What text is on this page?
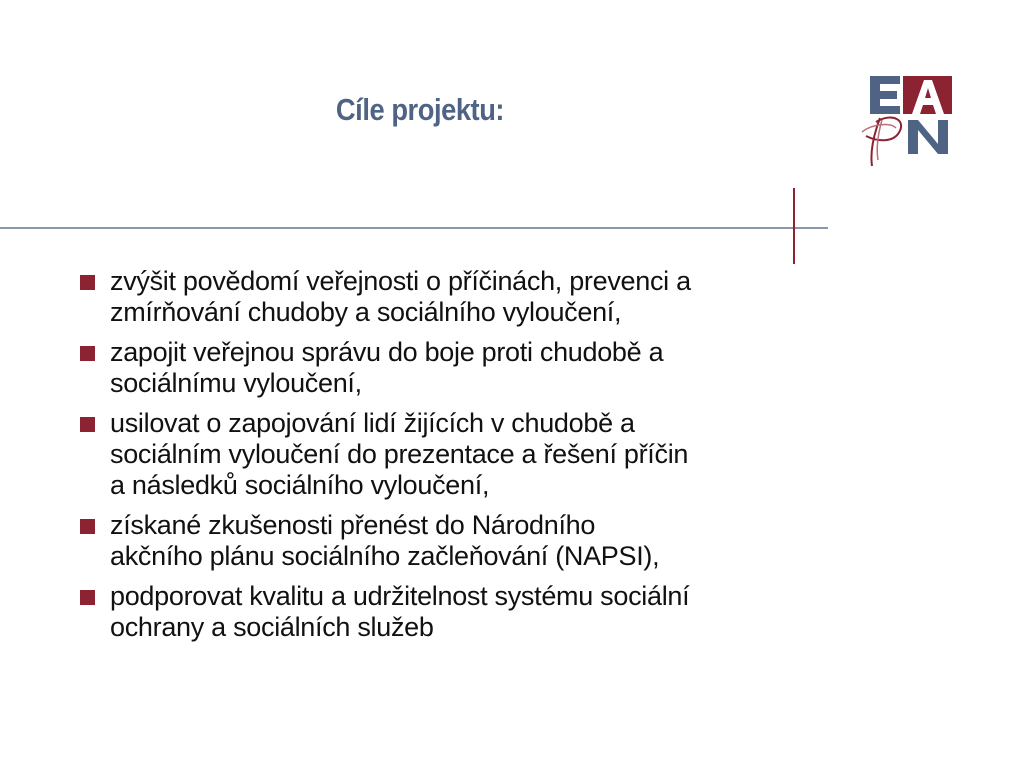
Cíle projektu:
zvýšit povědomí veřejnosti o příčinách, prevenci a
zmírňování chudoby a sociálního vyloučení,
zapojit veřejnou správu do boje proti chudobě a
sociálnímu vyloučení,
usilovat o zapojování lidí žijících v chudobě a
sociálním vyloučení do prezentace a řešení příčin
a následků sociálního vyloučení,
získané zkušenosti přenést do Národního
akčního plánu sociálního začleňování (NAPSI),
podporovat kvalitu a udržitelnost systému sociální
ochrany a sociálních služeb
